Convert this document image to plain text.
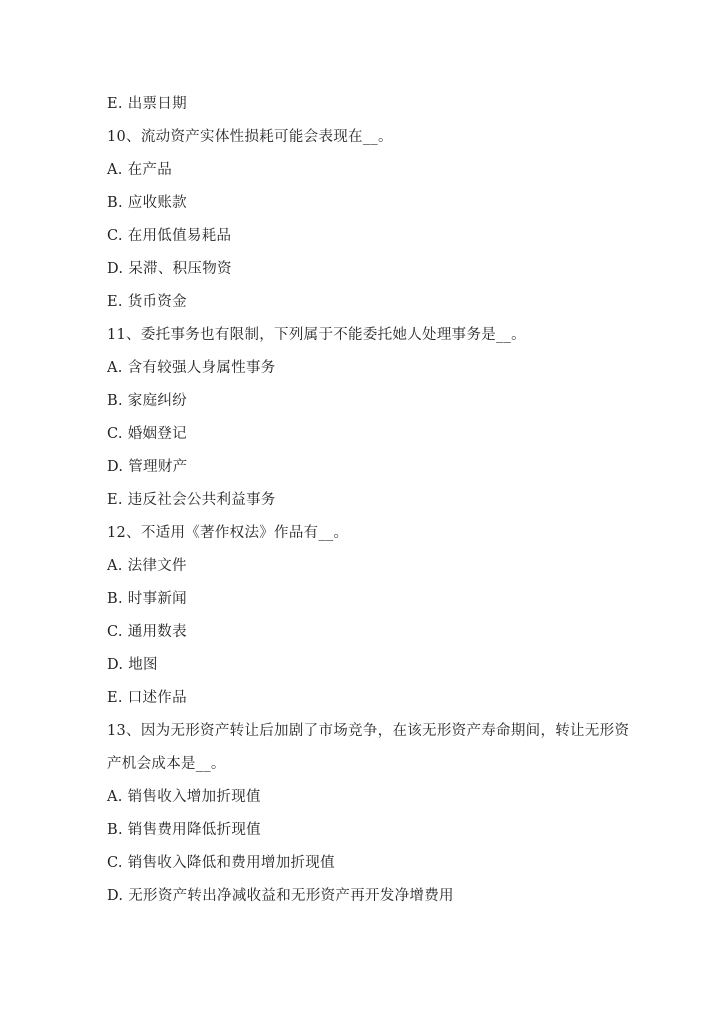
E. 出票日期
10、流动资产实体性损耗可能会表现在__。
A. 在产品
B. 应收账款
C. 在用低值易耗品
D. 呆滞、积压物资
E. 货币资金
11、委托事务也有限制，下列属于不能委托她人处理事务是__。
A. 含有较强人身属性事务
B. 家庭纠纷
C. 婚姻登记
D. 管理财产
E. 违反社会公共利益事务
12、不适用《著作权法》作品有__。
A. 法律文件
B. 时事新闻
C. 通用数表
D. 地图
E. 口述作品
13、因为无形资产转让后加剧了市场竞争，在该无形资产寿命期间，转让无形资
产机会成本是__。
A. 销售收入增加折现值
B. 销售费用降低折现值
C. 销售收入降低和费用增加折现值
D. 无形资产转出净减收益和无形资产再开发净增费用
